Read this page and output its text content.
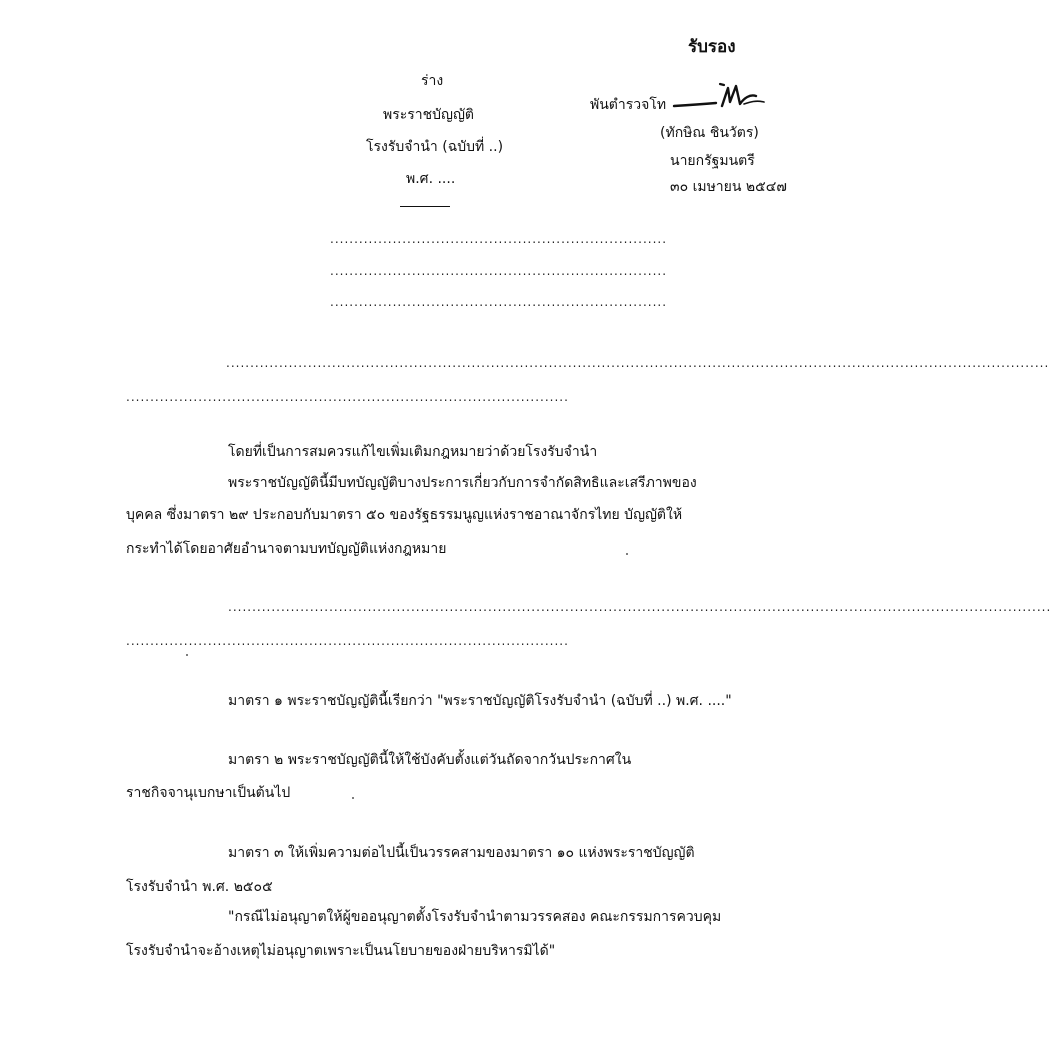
รับรอง
พันตำรวจโท
(ทักษิณ ชินวัตร)
นายกรัฐมนตรี
๓๐ เมษายน ๒๕๔๗
ร่าง
พระราชบัญญัติ
โรงรับจำนำ (ฉบับที่ ..)
พ.ศ. ....
......................................................................
......................................................................
......................................................................
...........................................................................................................................................................................
............................................................................................
โดยที่เป็นการสมควรแก้ไขเพิ่มเติมกฎหมายว่าด้วยโรงรับจำนำ
พระราชบัญญัตินี้มีบทบัญญัติบางประการเกี่ยวกับการจำกัดสิทธิและเสรีภาพของ
บุคคล ซึ่งมาตรา ๒๙ ประกอบกับมาตรา ๕๐ ของรัฐธรรมนูญแห่งราชอาณาจักรไทย บัญญัติให้
กระทำได้โดยอาศัยอำนาจตามบทบัญญัติแห่งกฎหมาย
...........................................................................................................................................................................
............................................................................................
มาตรา ๑ พระราชบัญญัตินี้เรียกว่า "พระราชบัญญัติโรงรับจำนำ (ฉบับที่ ..) พ.ศ. ...."
มาตรา ๒ พระราชบัญญัตินี้ให้ใช้บังคับตั้งแต่วันถัดจากวันประกาศใน
ราชกิจจานุเบกษาเป็นต้นไป
มาตรา ๓ ให้เพิ่มความต่อไปนี้เป็นวรรคสามของมาตรา ๑๐ แห่งพระราชบัญญัติ
โรงรับจำนำ พ.ศ. ๒๕๐๕
"กรณีไม่อนุญาตให้ผู้ขออนุญาตตั้งโรงรับจำนำตามวรรคสอง คณะกรรมการควบคุม
โรงรับจำนำจะอ้างเหตุไม่อนุญาตเพราะเป็นนโยบายของฝ่ายบริหารมิได้"
